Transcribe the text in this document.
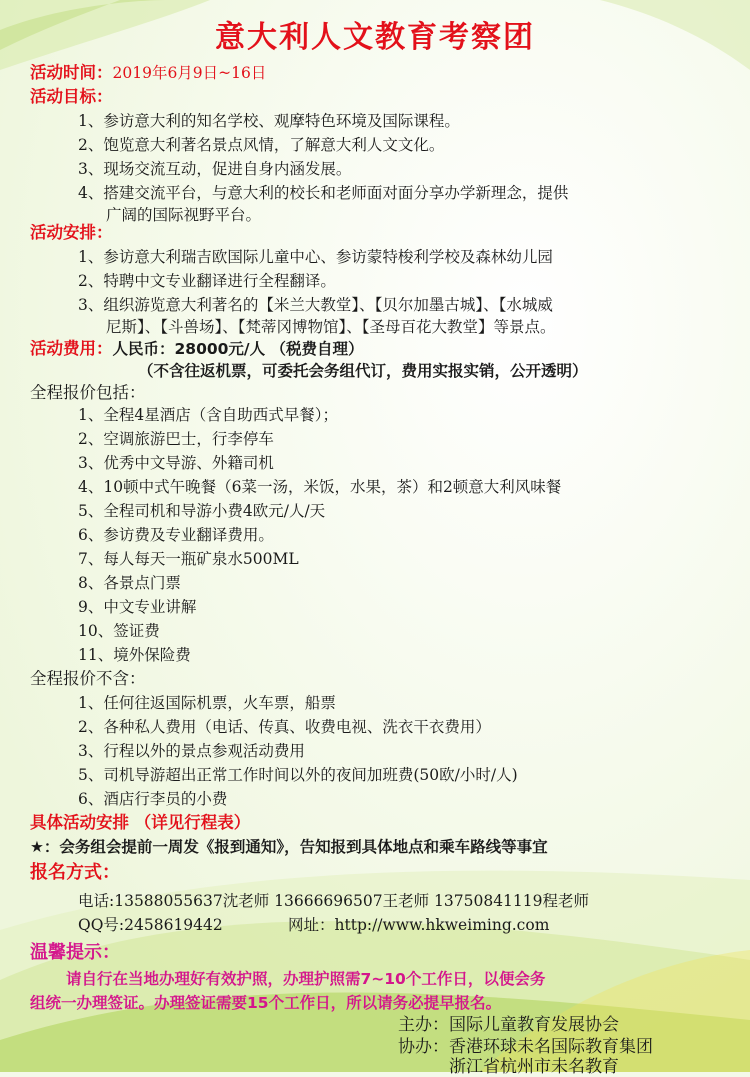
意大利人文教育考察团
活动时间：2019年6月9日~16日
活动目标：
1、参访意大利的知名学校、观摩特色环境及国际课程。
2、饱览意大利著名景点风情，了解意大利人文文化。
3、现场交流互动，促进自身内涵发展。
4、搭建交流平台，与意大利的校长和老师面对面分享办学新理念，提供
广阔的国际视野平台。
活动安排：
1、参访意大利瑞吉欧国际儿童中心、参访蒙特梭利学校及森林幼儿园
2、特聘中文专业翻译进行全程翻译。
3、组织游览意大利著名的【米兰大教堂】、【贝尔加墨古城】、【水城威
尼斯】、【斗兽场】、【梵蒂冈博物馆】、【圣母百花大教堂】等景点。
活动费用：人民币：28000元/人 （税费自理）
（不含往返机票，可委托会务组代订，费用实报实销，公开透明）
全程报价包括：
1、全程4星酒店（含自助西式早餐）；
2、空调旅游巴士，行李停车
3、优秀中文导游、外籍司机
4、10顿中式午晚餐（6菜一汤，米饭，水果，茶）和2顿意大利风味餐
5、全程司机和导游小费4欧元/人/天
6、参访费及专业翻译费用。
7、每人每天一瓶矿泉水500ML
8、各景点门票
9、中文专业讲解
10、签证费
11、境外保险费
全程报价不含：
1、任何往返国际机票，火车票，船票
2、各种私人费用（电话、传真、收费电视、洗衣干衣费用）
3、行程以外的景点参观活动费用
5、司机导游超出正常工作时间以外的夜间加班费(50欧/小时/人)
6、酒店行李员的小费
具体活动安排 （详见行程表）
★：会务组会提前一周发《报到通知》，告知报到具体地点和乘车路线等事宜
报名方式：
电话:13588055637沈老师 13666696507王老师 13750841119程老师
QQ号:2458619442	网址：http://www.hkweiming.com
温馨提示：
请自行在当地办理好有效护照，办理护照需7~10个工作日，以便会务
组统一办理签证。办理签证需要15个工作日，所以请务必提早报名。
主办：国际儿童教育发展协会
协办：香港环球未名国际教育集团
浙江省杭州市未名教育
